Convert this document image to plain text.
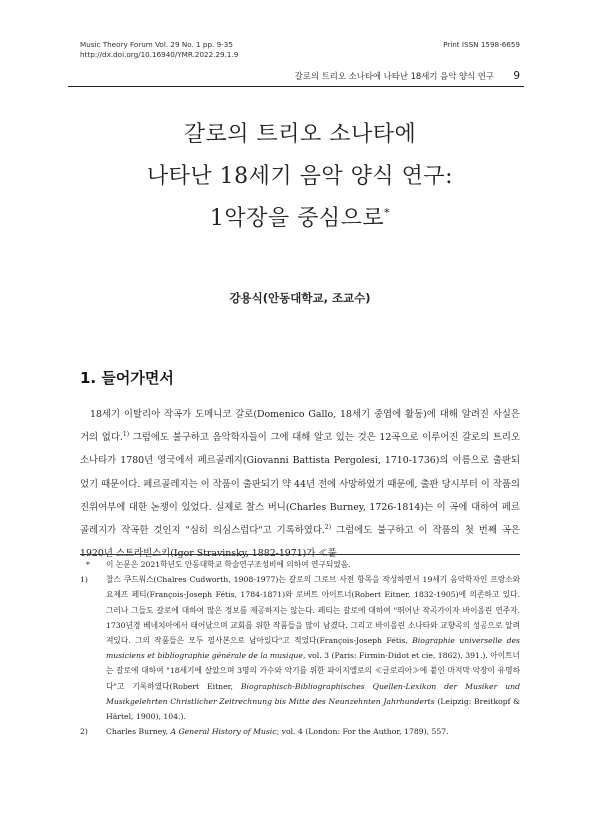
Music Theory Forum Vol. 29 No. 1 pp. 9-35
http://dx.doi.org/10.16940/YMR.2022.29.1.9
Print ISSN 1598-6659
갈로의 트리오 소나타에 나타난 18세기 음악 양식 연구 9
갈로의 트리오 소나타에
나타난 18세기 음악 양식 연구:
1악장을 중심으로*
강용식(안동대학교, 조교수)
1. 들어가면서

18세기 이탈리아 작곡가 도메니코 갈로(Domenico Gallo, 18세기 중엽에 활동)에 대해 알려진 사실은 거의 없다.$^{1)}$ 그럼에도 불구하고 음악학자들이 그에 대해 알고 있는 것은 12곡으로 이루어진 갈로의 트리오 소나타가 1780년 영국에서 페르골레지(Giovanni Battista Pergolesi, 1710-1736)의 이름으로 출판되었기 때문이다. 페르골레지는 이 작품이 출판되기 약 44년 전에 사망하였기 때문에, 출판 당시부터 이 작품의 진위여부에 대한 논쟁이 있었다. 실제로 찰스 버니(Charles Burney, 1726-1814)는 이 곡에 대하여 페르골레지가 작곡한 것인지 "심히 의심스럽다"고 기록하였다.$^{2)}$ 그럼에도 불구하고 이 작품의 첫 번째 곡은 1920년 스트라빈스키(Igor Stravinsky, 1882-1971)가 ≪풀

* 이 논문은 2021학년도 안동대학교 학술연구조성비에 의하여 연구되었음.
1) 찰스 쿠드워스(Chalres Cudworth, 1908-1977)는 갈로의 그로브 사전 항목을 작성하면서 19세기 음악학자인 프랑소와 요제프 페티(François-Joseph Fétis, 1784-1871)와 로버트 아이트너(Robert Eitner, 1832-1905)에 의존하고 있다. 그러나 그들도 갈로에 대하여 많은 정보를 제공하지는 않는다. 페티는 갈로에 대하여 "뛰어난 작곡가이자 바이올린 연주자. 1730년경 베네치아에서 태어났으며 교회를 위한 작품들을 많이 남겼다. 그리고 바이올린 소나타와 교향곡의 성공으로 알려져있다. 그의 작품들은 모두 필사본으로 남아있다"고 적었다(François-Joseph Fétis, Biographie universelle des musiciens et bibliographie générale de la musique, vol. 3 (Paris: Firmin-Didot et cie, 1862), 391.). 아이트너는 갈로에 대하여 "18세기에 살았으며 3명의 가수와 악기를 위한 파이지엘로의 ≪글로리아≫에 붙인 마지막 악장이 유명하다"고 기록하였다(Robert Eitner, Biographisch-Bibliographisches Quellen-Lexikon der Musiker und Musikgelehrten Christlicher Zeitrechnung bis Mitte des Neunzehnten Jahrhunderts (Leipzig: Breitkopf & Härtel, 1900), 104.).
2) Charles Burney, A General History of Music; vol. 4 (London: For the Author, 1789), 557.
